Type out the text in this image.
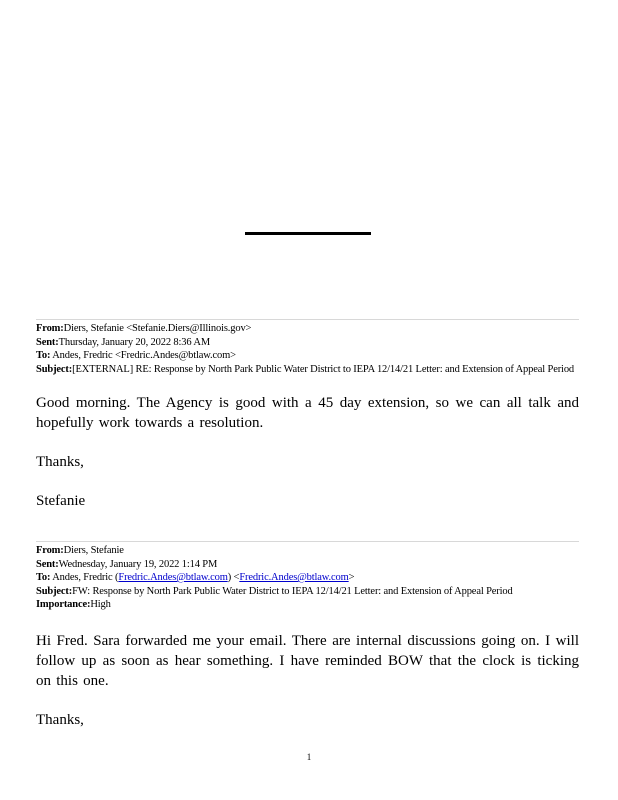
From:Diers, Stefanie <Stefanie.Diers@Illinois.gov>
Sent:Thursday, January 20, 2022 8:36 AM
To: Andes, Fredric <Fredric.Andes@btlaw.com>
Subject:[EXTERNAL] RE: Response by North Park Public Water District to IEPA 12/14/21 Letter: and Extension of Appeal Period

Good morning. The Agency is good with a 45 day extension, so we can all talk and hopefully work towards a resolution.

Thanks,

Stefanie

From:Diers, Stefanie
Sent:Wednesday, January 19, 2022 1:14 PM
To: Andes, Fredric (Fredric.Andes@btlaw.com) <Fredric.Andes@btlaw.com>
Subject:FW: Response by North Park Public Water District to IEPA 12/14/21 Letter: and Extension of Appeal Period
Importance:High

Hi Fred. Sara forwarded me your email. There are internal discussions going on. I will follow up as soon as hear something. I have reminded BOW that the clock is ticking on this one.

Thanks,

1
